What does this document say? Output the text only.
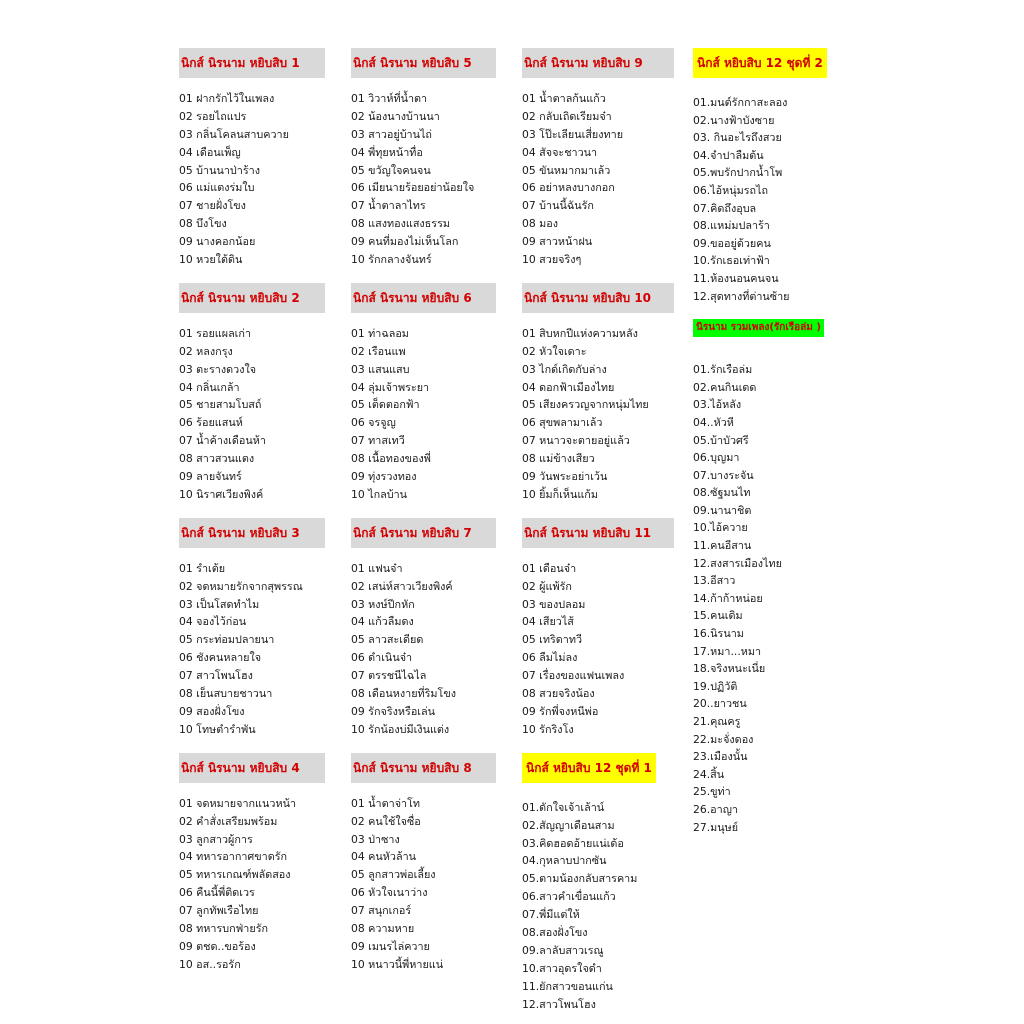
นิกส์ นิรนาม หยิบสิบ 1
01 ฝากรักไว้ในเพลง
02 รอยไถแปร
03 กลิ่นโคลนสาบควาย
04 เดือนเพ็ญ
05 บ้านนาป่าร้าง
06 แม่แตงร่มใบ
07 ชายฝั่งโขง
08 บึงโขง
09 นางคอกน้อย
10 หวยใต้ดิน
นิกส์ นิรนาม หยิบสิบ 2
01 รอยแผลเก่า
02 หลงกรุง
03 ตะรางดวงใจ
04 กลิ่นเกล้า
05 ชายสามโบสถ์
06 ร้อยแสนห์
07 น้ำค้างเดือนห้า
08 สาวสวนแตง
09 ลายจันทร์
10 นิราศเวียงพิงค์
นิกส์ นิรนาม หยิบสิบ 3
01 รำเต้ย
02 จดหมายรักจากสุพรรณ
03 เป็นโสดทำไม
04 จองไว้ก่อน
05 กระท่อมปลายนา
06 ชังคนหลายใจ
07 สาวโพนโฮง
08 เย็นสบายชาวนา
09 สองฝั่งโขง
10 โทษตำรำพัน
นิกส์ นิรนาม หยิบสิบ 4
01 จดหมายจากแนวหน้า
02 คำสั่งเสรียมพร้อม
03 ลูกสาวผู้การ
04 ทหารอากาศขาดรัก
05 ทหารเกณฑ์พลัดสอง
06 คืนนี้พี่ติดเวร
07 ลูกทัพเรือไทย
08 ทหารบกฟ่ายรัก
09 ตชด..ขอร้อง
10 อส..รอรัก
นิกส์ นิรนาม หยิบสิบ 5
01 วิวาห์ที่น้ำตา
02 น้องนางบ้านนา
03 สาวอยู่บ้านไถ่
04 พี่ทุยหน้าทื่อ
05 ขวัญใจคนจน
06 เมียนายร้อยอย่าน้อยใจ
07 น้ำตาลาไทร
08 แสงทองแสงธรรม
09 คนที่มองไม่เห็นโลก
10 รักกลางจันทร์
นิกส์ นิรนาม หยิบสิบ 6
01 ท่าฉลอม
02 เรือนแพ
03 แสนแสบ
04 ลุ่มเจ้าพระยา
05 เต็ดตอกฟ้า
06 จรจูญ
07 ทาสเทวี
08 เนื้อทองของพี่
09 ทุ่งรวงทอง
10 ไกลบ้าน
นิกส์ นิรนาม หยิบสิบ 7
01 แฟนจ๋า
02 เสน่ห์สาวเวียงพิงค์
03 หงษ์ปีกหัก
04 แก้วลืมดง
05 ลาวสะเดียด
06 ดำเนินจ๋า
07 ตรรชนีไฉไล
08 เดือนหงายที่ริมโขง
09 รักจริงหรือเล่น
10 รักน้องบ่มีเงินแต่ง
นิกส์ นิรนาม หยิบสิบ 8
01 น้ำตาจ่าโท
02 คนใช้ใจซื่อ
03 ป่าซาง
04 คนหัวล้าน
05 ลูกสาวพ่อเลี้ยง
06 หัวใจเนาว่าง
07 สนุกเกอร์
08 ความหาย
09 เมนรไล่ควาย
10 หนาวนี้พี่หายแน่
นิกส์ นิรนาม หยิบสิบ 9
01 น้ำตาลก้นแก้ว
02 กลับเถิดเรียมจ๋า
03 โป๊ะเลียนเสี่ยงทาย
04 สัจจะชาวนา
05 ขันหมากมาเล้ว
06 อย่าหลงบางกอก
07 บ้านนี้ฉันรัก
08 มอง
09 สาวหน้าฝน
10 สวยจริงๆ
นิกส์ นิรนาม หยิบสิบ 10
01 สิบหกปีแห่งความหลัง
02 หัวใจเดาะ
03 ไกด์เกิดกับล่าง
04 ดอกฟ้าเมืองไทย
05 เสียงครวญจากหนุ่มไทย
06 สุขพลามาเล้ว
07 หนาวจะตายอยู่แล้ว
08 แม่ข้างเสียว
09 วันพระอย่าเว้น
10 ยิ้มก็เห็นแก้ม
นิกส์ นิรนาม หยิบสิบ 11
01 เดือนจ๋า
02 ผู้แพ้รัก
03 ของปลอม
04 เสียวไส้
05 เทริดาทวี
06 ลืมไม่ลง
07 เรื่องของแฟนเพลง
08 สวยจริงน้อง
09 รักพี่จงหนีพ่อ
10 รักริงโง
นิกส์ หยิบสิบ 12 ชุดที่ 1
01.ดักใจเจ้าเล้าน์
02.สัญญาเดือนสาม
03.คิดฮอดอ้ายแน่เด้อ
04.กุหลาบปากซัน
05.ตามน้องกลับสารคาม
06.สาวคำเขื่อนแก้ว
07.พี่มีแต่ให้
08.สองฝั่งโขง
09.ลาลับสาวเรณู
10.สาวอุดรใจดำ
11.ยักสาวขอนแก่น
12.สาวโพนโฮง
นิกส์ หยิบสิบ 12 ชุดที่ 2
01.มนต์รักกาสะลอง
02.นางฟ้าบังซาย
03. กินอะไรถึงสวย
04.จำปาลืมต้น
05.พบรักปากน้ำโพ
06.ไอ้หนุ่มรถไถ
07.คิดถึงอุบล
08.แหม่มปลาร้า
09.ขออยู่ด้วยคน
10.รักเธอเท่าฟ้า
11.ห้องนอนคนจน
12.สุดทางที่ต่านซ้าย
นิรนาม รวมเพลง(รักเรือล่ม )
01.รักเรือล่ม
02.คนกินเดด
03.ไอ้หลัง
04..หัวหี
05.บ้าบัวศรี
06.บุญมา
07.บางระจัน
08.ซัฐมนไท
09.นานาชิต
10.ไอ้ควาย
11.คนอีสาน
12.สงสารเมืองไทย
13.อีสาว
14.ก้าก้าหน่อย
15.คนเดิม
16.นิรนาม
17.หมา...หมา
18.จริงหนะเนี่ย
19.ปฏิวัติ
20..ยาวชน
21.คุณครู
22.มะจั่งดอง
23.เมืองนั้น
24.สิ้น
25.ขูท่า
26.อาญา
27.มนุษย์
